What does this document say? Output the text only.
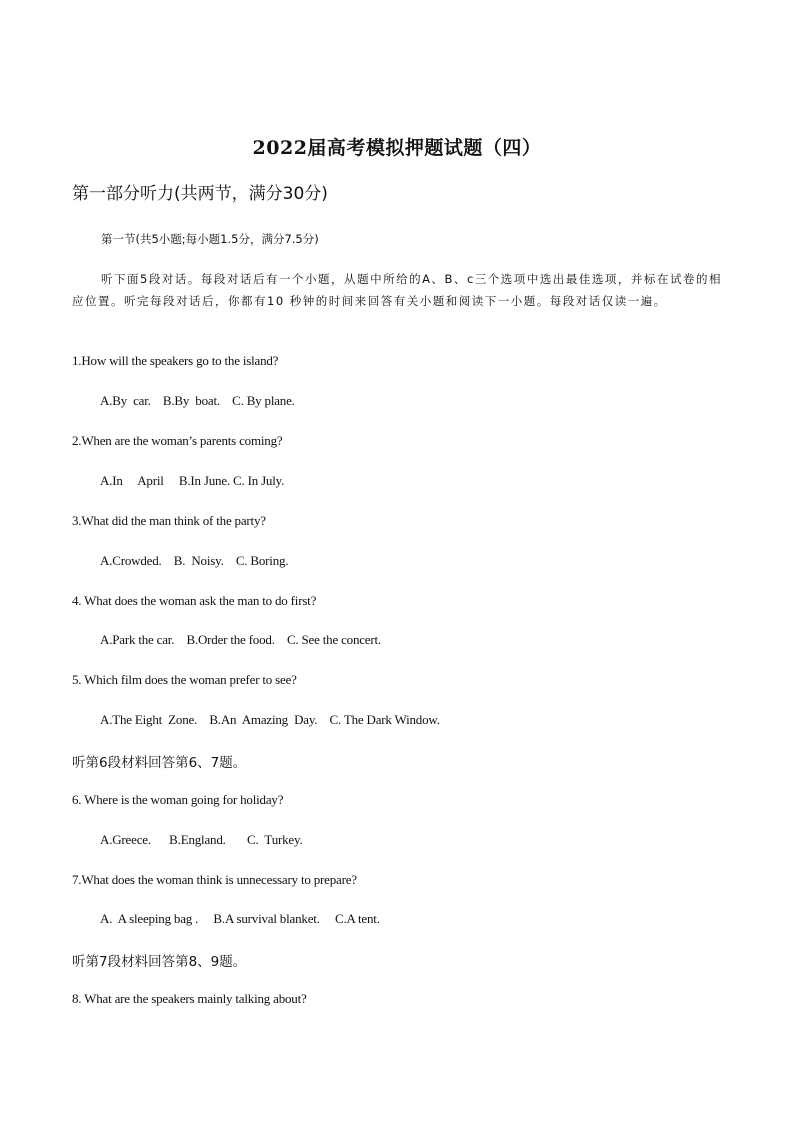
2022届高考模拟押题试题（四）
第一部分听力(共两节，满分30分)
第一节(共5小题;每小题1.5分，满分7.5分)
听下面5段对话。每段对话后有一个小题，从题中所给的A、B、c三个选项中选出最佳选项，并标在试卷的相应位置。听完每段对话后，你都有10 秒钟的时间来回答有关小题和阅读下一小题。每段对话仅读一遍。
1.How will the speakers go to the island?
A.By  car.    B.By  boat.    C. By plane.
2.When are the woman’s parents coming?
A.In     April     B.In June. C. In July.
3.What did the man think of the party?
A.Crowded.    B.  Noisy.    C. Boring.
4. What does the woman ask the man to do first?
A.Park the car.    B.Order the food.    C. See the concert.
5. Which film does the woman prefer to see?
A.The Eight  Zone.    B.An  Amazing  Day.    C. The Dark Window.
听第6段材料回答第6、7题。
6. Where is the woman going for holiday?
A.Greece.      B.England.       C.  Turkey.
7.What does the woman think is unnecessary to prepare?
A.  A sleeping bag .     B.A survival blanket.     C.A tent.
听第7段材料回答第8、9题。
8. What are the speakers mainly talking about?
